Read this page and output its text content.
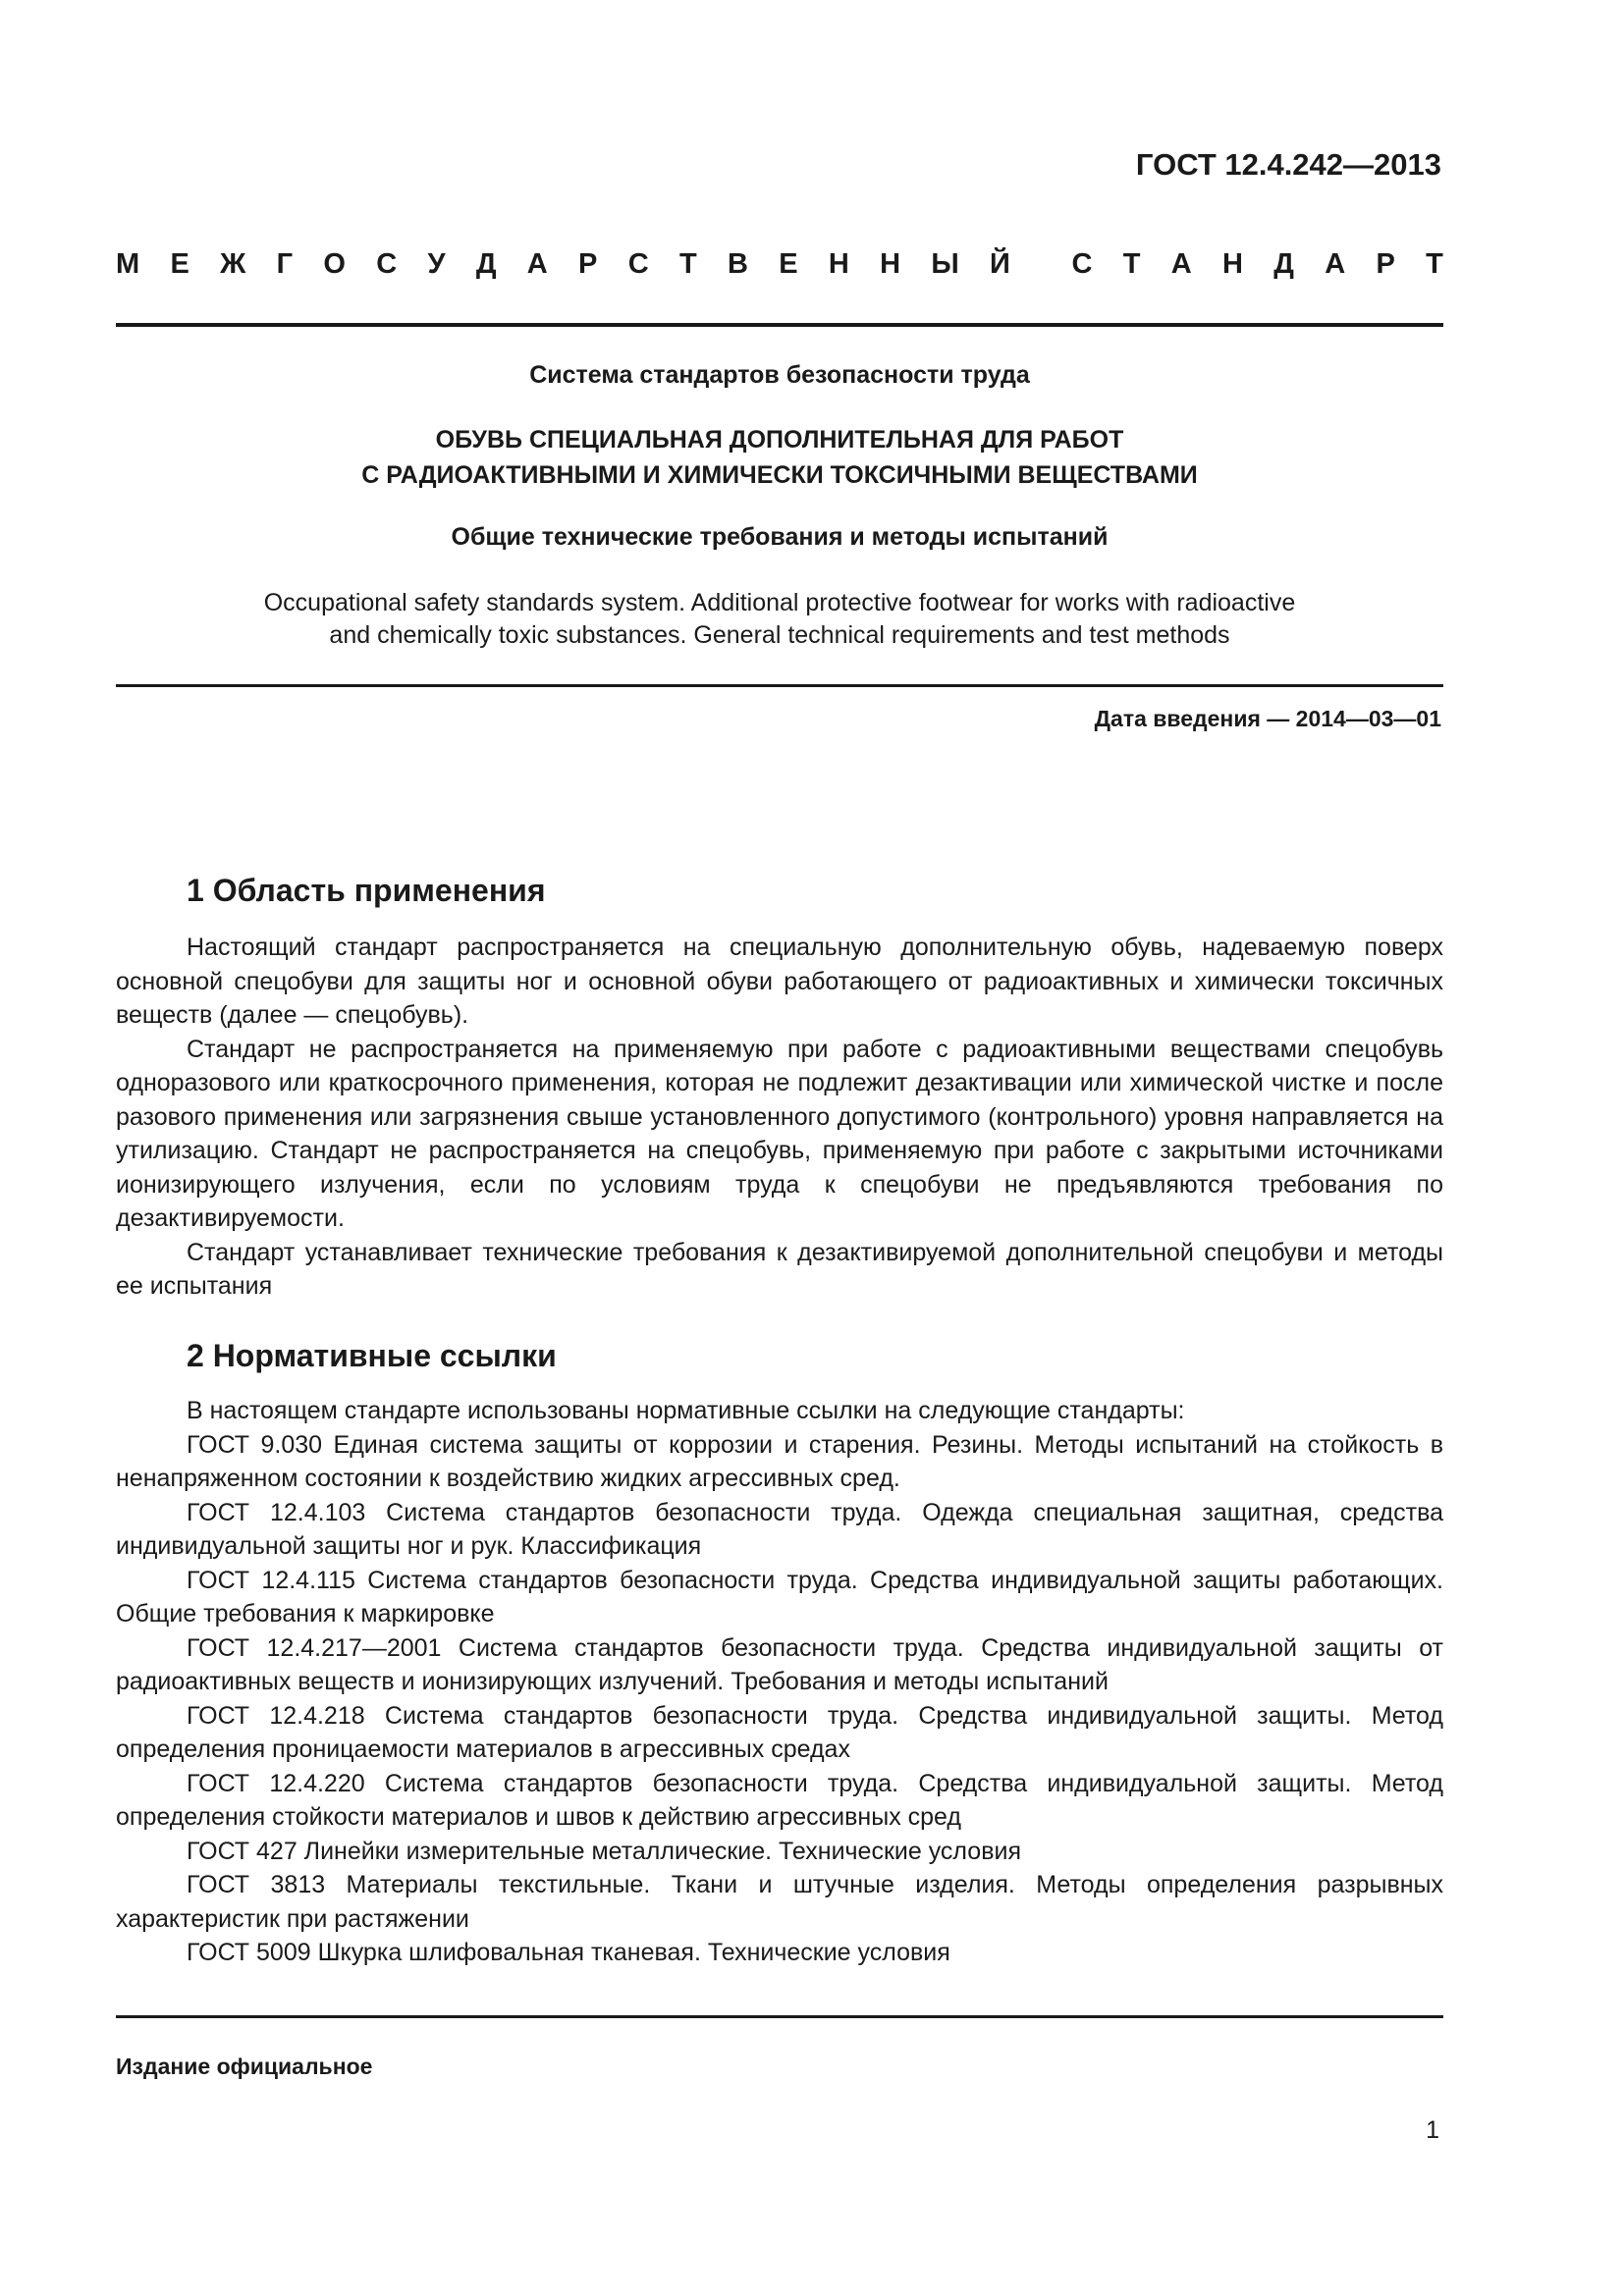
ГОСТ 12.4.242—2013
М Е Ж Г О С У Д А Р С Т В Е Н Н Ы Й С Т А Н Д А Р Т
Система стандартов безопасности труда
ОБУВЬ СПЕЦИАЛЬНАЯ ДОПОЛНИТЕЛЬНАЯ ДЛЯ РАБОТ
С РАДИОАКТИВНЫМИ И ХИМИЧЕСКИ ТОКСИЧНЫМИ ВЕЩЕСТВАМИ
Общие технические требования и методы испытаний
Occupational safety standards system. Additional protective footwear for works with radioactive
and chemically toxic substances. General technical requirements and test methods
Дата введения — 2014—03—01
1 Область применения

Настоящий стандарт распространяется на специальную дополнительную обувь, надеваемую поверх основной спецобуви для защиты ног и основной обуви работающего от радиоактивных и химически токсичных веществ (далее — спецобувь).

Стандарт не распространяется на применяемую при работе с радиоактивными веществами спецобувь одноразового или краткосрочного применения, которая не подлежит дезактивации или химической чистке и после разового применения или загрязнения свыше установленного допустимого (контрольного) уровня направляется на утилизацию. Стандарт не распространяется на спецобувь, применяемую при работе с закрытыми источниками ионизирующего излучения, если по условиям труда к спецобуви не предъявляются требования по дезактивируемости.

Стандарт устанавливает технические требования к дезактивируемой дополнительной спецобуви и методы ее испытания

2 Нормативные ссылки

В настоящем стандарте использованы нормативные ссылки на следующие стандарты:

ГОСТ 9.030 Единая система защиты от коррозии и старения. Резины. Методы испытаний на стойкость в ненапряженном состоянии к воздействию жидких агрессивных сред.

ГОСТ 12.4.103 Система стандартов безопасности труда. Одежда специальная защитная, средства индивидуальной защиты ног и рук. Классификация

ГОСТ 12.4.115 Система стандартов безопасности труда. Средства индивидуальной защиты работающих. Общие требования к маркировке

ГОСТ 12.4.217—2001 Система стандартов безопасности труда. Средства индивидуальной защиты от радиоактивных веществ и ионизирующих излучений. Требования и методы испытаний

ГОСТ 12.4.218 Система стандартов безопасности труда. Средства индивидуальной защиты. Метод определения проницаемости материалов в агрессивных средах

ГОСТ 12.4.220 Система стандартов безопасности труда. Средства индивидуальной защиты. Метод определения стойкости материалов и швов к действию агрессивных сред

ГОСТ 427 Линейки измерительные металлические. Технические условия

ГОСТ 3813 Материалы текстильные. Ткани и штучные изделия. Методы определения разрывных характеристик при растяжении

ГОСТ 5009 Шкурка шлифовальная тканевая. Технические условия

Издание официальное
1
